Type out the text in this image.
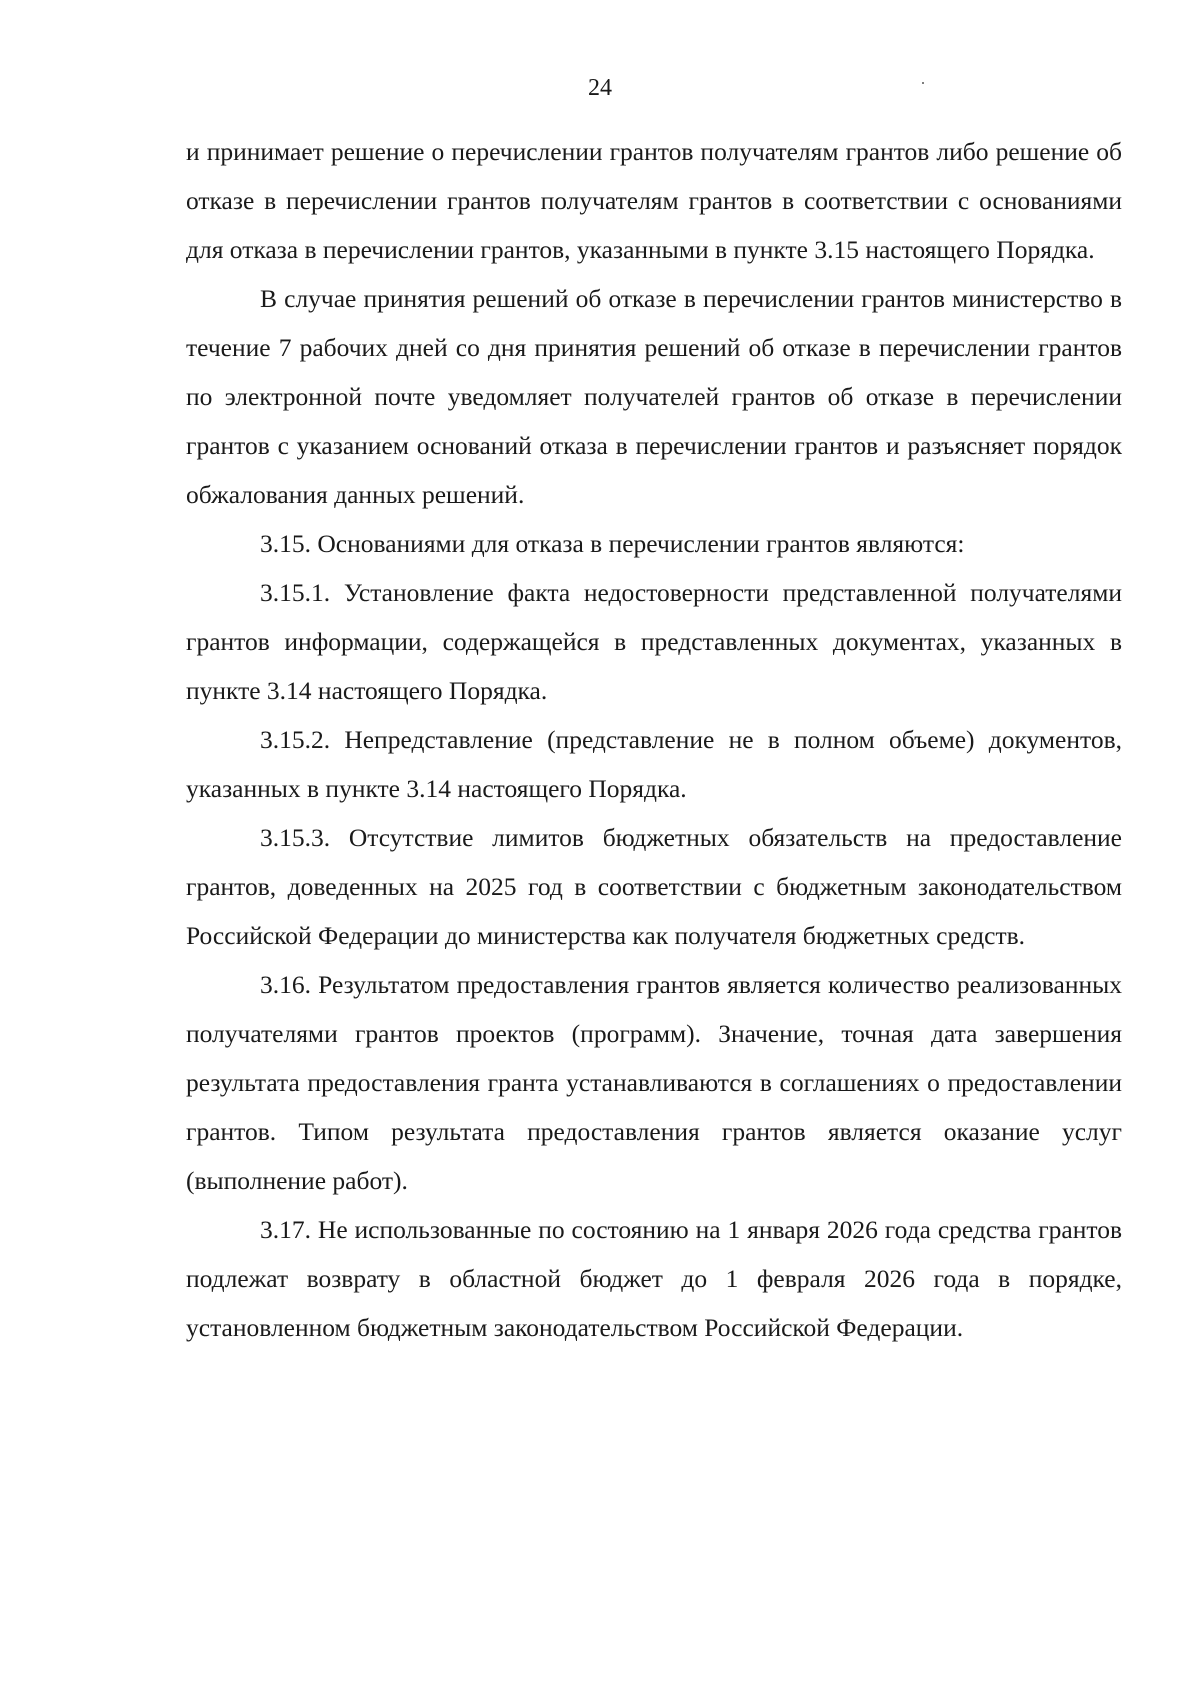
24

и принимает решение о перечислении грантов получателям грантов либо решение об отказе в перечислении грантов получателям грантов в соответствии с основаниями для отказа в перечислении грантов, указанными в пункте 3.15 настоящего Порядка.

В случае принятия решений об отказе в перечислении грантов министерство в течение 7 рабочих дней со дня принятия решений об отказе в перечислении грантов по электронной почте уведомляет получателей грантов об отказе в перечислении грантов с указанием оснований отказа в перечислении грантов и разъясняет порядок обжалования данных решений.

3.15. Основаниями для отказа в перечислении грантов являются:

3.15.1. Установление факта недостоверности представленной получателями грантов информации, содержащейся в представленных документах, указанных в пункте 3.14 настоящего Порядка.

3.15.2. Непредставление (представление не в полном объеме) документов, указанных в пункте 3.14 настоящего Порядка.

3.15.3. Отсутствие лимитов бюджетных обязательств на предоставление грантов, доведенных на 2025 год в соответствии с бюджетным законодательством Российской Федерации до министерства как получателя бюджетных средств.

3.16. Результатом предоставления грантов является количество реализованных получателями грантов проектов (программ). Значение, точная дата завершения результата предоставления гранта устанавливаются в соглашениях о предоставлении грантов. Типом результата предоставления грантов является оказание услуг (выполнение работ).

3.17. Не использованные по состоянию на 1 января 2026 года средства грантов подлежат возврату в областной бюджет до 1 февраля 2026 года в порядке, установленном бюджетным законодательством Российской Федерации.
